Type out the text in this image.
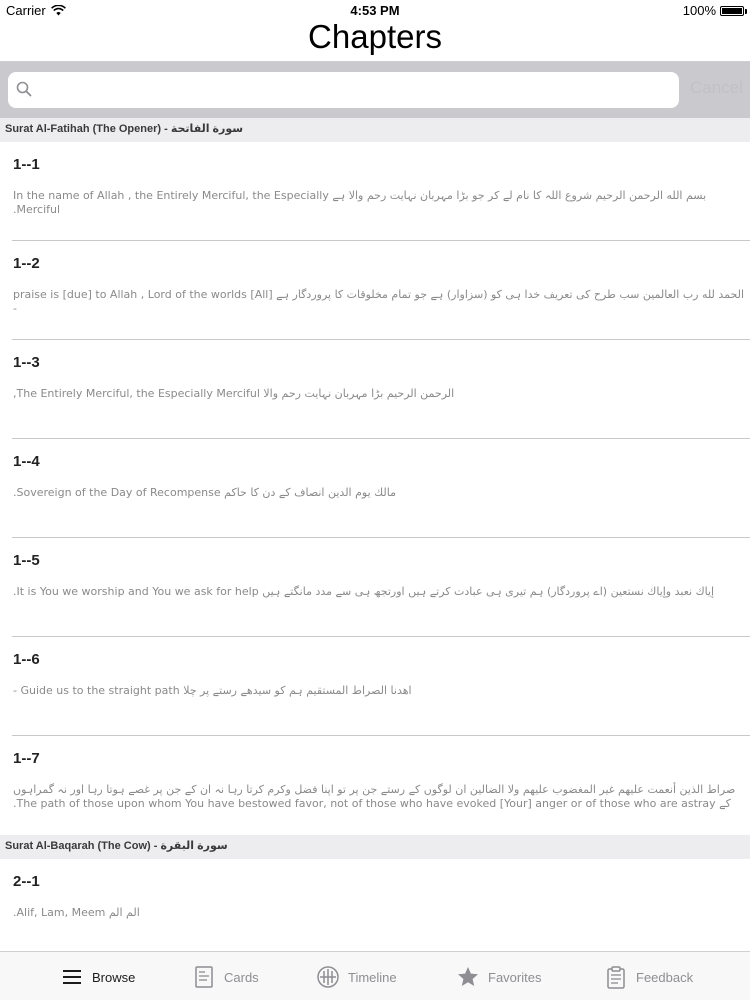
Carrier	4:53 PM	100%
Chapters
Cancel
Surat Al-Fatihah (The Opener) - سورة الفاتحة
1--1
بسم الله الرحمن الرحيم شروع اللہ کا نام لے کر جو بڑا مہربان نہایت رحم والا ہے In the name of Allah , the Entirely Merciful, the Especially Merciful.
1--2
الحمد لله رب العالمين سب طرح کی تعریف خدا ہی کو (سزاوار) ہے جو تمام مخلوقات کا پروردگار ہے [All] praise is [due] to Allah , Lord of the worlds -
1--3
الرحمن الرحيم بڑا مہربان نہایت رحم والا The Entirely Merciful, the Especially Merciful,
1--4
مالك يوم الدين انصاف کے دن کا حاکم Sovereign of the Day of Recompense.
1--5
إياك نعبد وإياك نستعين (اے پروردگار) ہم تیری ہی عبادت کرتے ہیں اورتجھ ہی سے مدد مانگتے ہیں It is You we worship and You we ask for help.
1--6
اهدنا الصراط المستقيم ہم کو سیدھے رستے پر چلا Guide us to the straight path -
1--7
صراط الذين أنعمت عليهم غير المغضوب عليهم ولا الضالين ان لوگوں کے رستے جن پر تو اپنا فضل وکرم کرتا رہا نہ ان کے جن پر غصے ہوتا رہا اور نہ گمراہوں کے The path of those upon whom You have bestowed favor, not of those who have evoked [Your] anger or of those who are astray.
Surat Al-Baqarah (The Cow) - سورة البقرة
2--1
الم الم Alif, Lam, Meem.
Browse	Cards	Timeline	Favorites	Feedback
